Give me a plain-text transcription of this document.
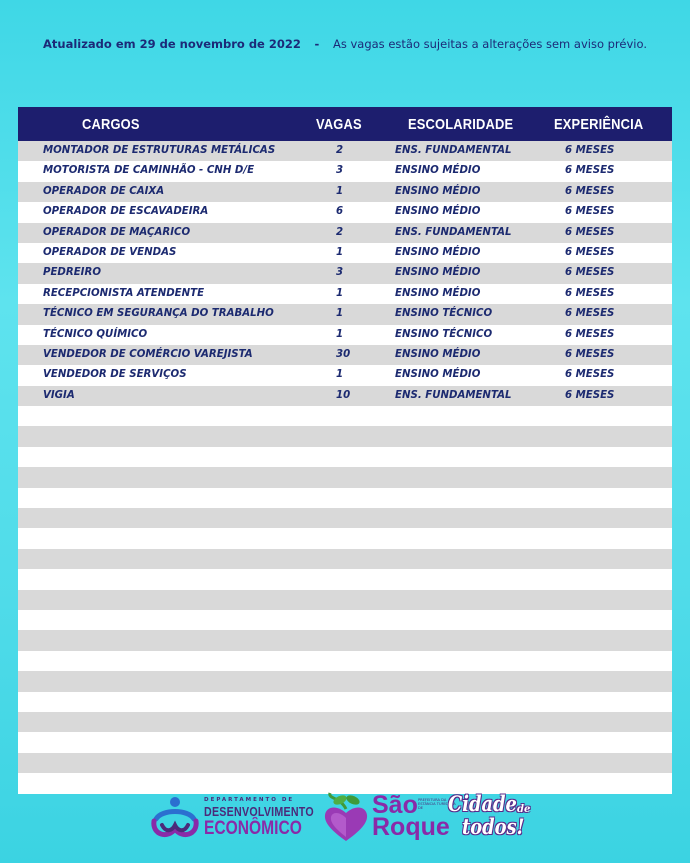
Atualizado em 29 de novembro de 2022 - As vagas estão sujeitas a alterações sem aviso prévio.
CARGOS	VAGAS	ESCOLARIDADE	EXPERIÊNCIA
MONTADOR DE ESTRUTURAS METÁLICAS	2	ENS. FUNDAMENTAL	6 MESES
MOTORISTA DE CAMINHÃO - CNH D/E	3	ENSINO MÉDIO	6 MESES
OPERADOR DE CAIXA	1	ENSINO MÉDIO	6 MESES
OPERADOR DE ESCAVADEIRA	6	ENSINO MÉDIO	6 MESES
OPERADOR DE MAÇARICO	2	ENS. FUNDAMENTAL	6 MESES
OPERADOR DE VENDAS	1	ENSINO MÉDIO	6 MESES
PEDREIRO	3	ENSINO MÉDIO	6 MESES
RECEPCIONISTA ATENDENTE	1	ENSINO MÉDIO	6 MESES
TÉCNICO EM SEGURANÇA DO TRABALHO	1	ENSINO TÉCNICO	6 MESES
TÉCNICO QUÍMICO	1	ENSINO TÉCNICO	6 MESES
VENDEDOR DE COMÉRCIO VAREJISTA	30	ENSINO MÉDIO	6 MESES
VENDEDOR DE SERVIÇOS	1	ENSINO MÉDIO	6 MESES
VIGIA	10	ENS. FUNDAMENTAL	6 MESES
DEPARTAMENTO DE
DESENVOLVIMENTO
ECONÔMICO
São
Roque
PREFEITURA DA ESTÂNCIA TURÍSTICA DE	Cidade de
todos!
